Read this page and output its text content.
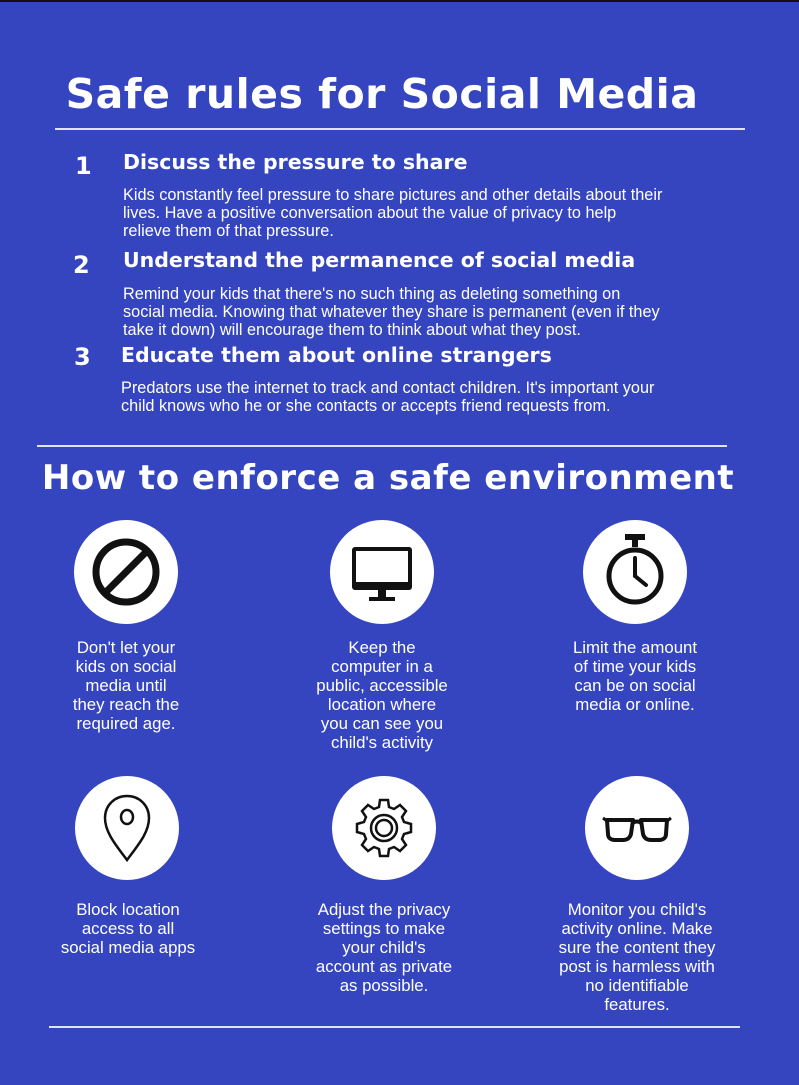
Safe rules for Social Media
1 Discuss the pressure to share
Kids constantly feel pressure to share pictures and other details about their
lives. Have a positive conversation about the value of privacy to help
relieve them of that pressure.
2 Understand the permanence of social media
Remind your kids that there's no such thing as deleting something on
social media. Knowing that whatever they share is permanent (even if they
take it down) will encourage them to think about what they post.
3 Educate them about online strangers
Predators use the internet to track and contact children. It's important your
child knows who he or she contacts or accepts friend requests from.
How to enforce a safe environment
Don't let your
kids on social
media until
they reach the
required age.
Keep the
computer in a
public, accessible
location where
you can see you
child's activity
Limit the amount
of time your kids
can be on social
media or online.
Block location
access to all
social media apps
Adjust the privacy
settings to make
your child's
account as private
as possible.
Monitor you child's
activity online. Make
sure the content they
post is harmless with
no identifiable
features.
